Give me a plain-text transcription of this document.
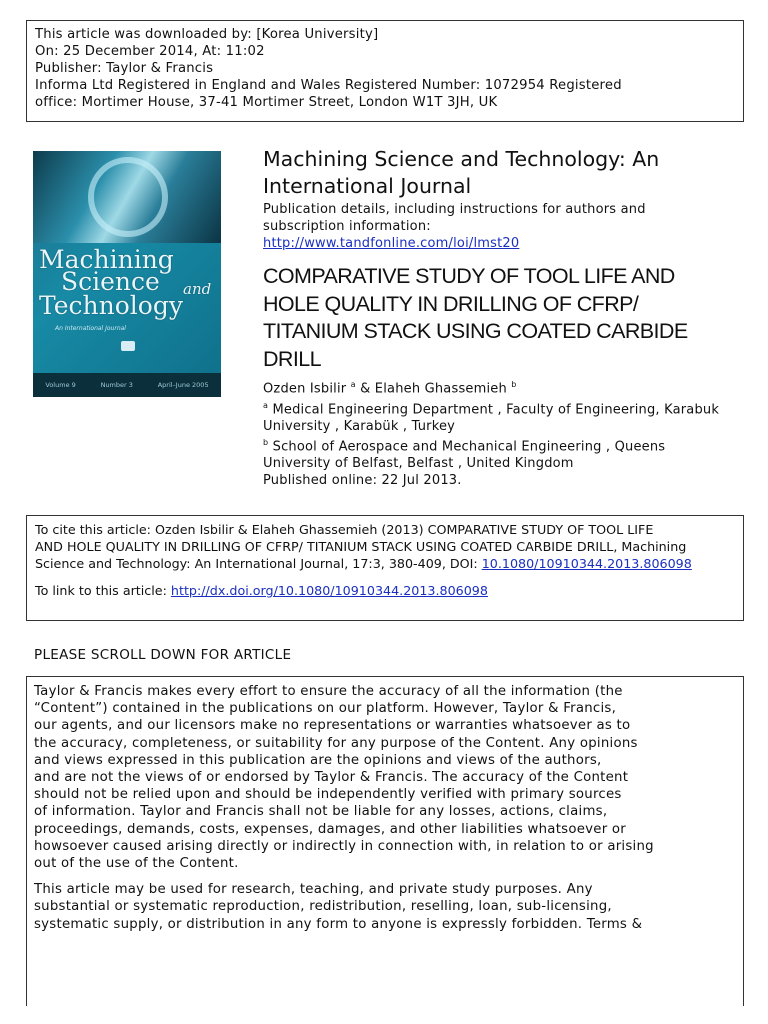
This article was downloaded by: [Korea University]
On: 25 December 2014, At: 11:02
Publisher: Taylor & Francis
Informa Ltd Registered in England and Wales Registered Number: 1072954 Registered
office: Mortimer House, 37-41 Mortimer Street, London W1T 3JH, UK
Machining
Science and
Technology
An International Journal
Volume 9	Number 3	April–June 2005
Machining Science and Technology: An
International Journal
Publication details, including instructions for authors and
subscription information:
http://www.tandfonline.com/loi/lmst20
COMPARATIVE STUDY OF TOOL LIFE AND
HOLE QUALITY IN DRILLING OF CFRP/
TITANIUM STACK USING COATED CARBIDE
DRILL
Ozden Isbilir $^a$ & Elaheh Ghassemieh $^b$
$^a$ Medical Engineering Department , Faculty of Engineering, Karabuk
University , Karabük , Turkey
$^b$ School of Aerospace and Mechanical Engineering , Queens
University of Belfast, Belfast , United Kingdom
Published online: 22 Jul 2013.
To cite this article: Ozden Isbilir & Elaheh Ghassemieh (2013) COMPARATIVE STUDY OF TOOL LIFE
AND HOLE QUALITY IN DRILLING OF CFRP/ TITANIUM STACK USING COATED CARBIDE DRILL, Machining
Science and Technology: An International Journal, 17:3, 380-409, DOI: 10.1080/10910344.2013.806098
To link to this article: http://dx.doi.org/10.1080/10910344.2013.806098
PLEASE SCROLL DOWN FOR ARTICLE
Taylor & Francis makes every effort to ensure the accuracy of all the information (the
“Content”) contained in the publications on our platform. However, Taylor & Francis,
our agents, and our licensors make no representations or warranties whatsoever as to
the accuracy, completeness, or suitability for any purpose of the Content. Any opinions
and views expressed in this publication are the opinions and views of the authors,
and are not the views of or endorsed by Taylor & Francis. The accuracy of the Content
should not be relied upon and should be independently verified with primary sources
of information. Taylor and Francis shall not be liable for any losses, actions, claims,
proceedings, demands, costs, expenses, damages, and other liabilities whatsoever or
howsoever caused arising directly or indirectly in connection with, in relation to or arising
out of the use of the Content.
This article may be used for research, teaching, and private study purposes. Any
substantial or systematic reproduction, redistribution, reselling, loan, sub-licensing,
systematic supply, or distribution in any form to anyone is expressly forbidden. Terms &
